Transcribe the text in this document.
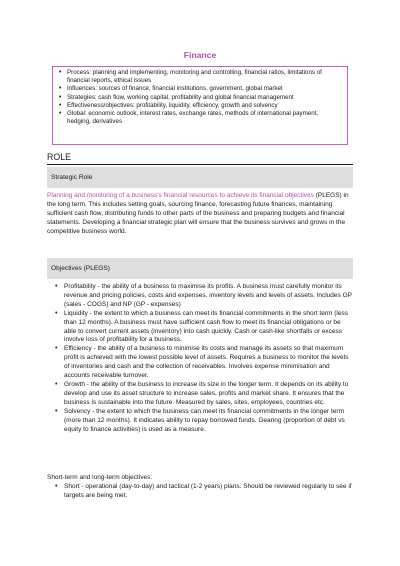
Finance
• Process: planning and implementing, monitoring and controlling, financial ratios, limitations of financial reports, ethical issues
• Influences: sources of finance, financial institutions, government, global market
• Strategies: cash flow, working capital, profitability and global financial management
• Effectiveness/objectives: profitability, liquidity, efficiency, growth and solvency
• Global: economic outlook, interest rates, exchange rates, methods of international payment, hedging, derivatives
ROLE
Strategic Role

Planning and monitoring of a business’s financial resources to achieve its financial objectives (PLEGS) in the long term. This includes setting goals, sourcing finance, forecasting future finances, maintaining sufficient cash flow, distributing funds to other parts of the business and preparing budgets and financial statements. Developing a financial strategic plan will ensure that the business survives and grows in the competitive business world.

Objectives (PLEGS)
• Profitability - the ability of a business to maximise its profits. A business must carefully monitor its revenue and pricing policies, costs and expenses, inventory levels and levels of assets. Includes GP (sales - COGS) and NP (GP - expenses)
• Liquidity - the extent to which a business can meet its financial commitments in the short term (less than 12 months). A business must have sufficient cash flow to meet its financial obligations or be able to convert current assets (inventory) into cash quickly. Cash or cash-like shortfalls or excess involve loss of profitability for a business.
• Efficiency - the ability of a business to minimise its costs and manage its assets so that maximum profit is achieved with the lowest possible level of assets. Requires a business to monitor the levels of inventories and cash and the collection of receivables. Involves expense minimisation and accounts receivable turnover.
• Growth - the ability of the business to increase its size in the longer term. It depends on its ability to develop and use its asset structure to increase sales, profits and market share. It ensures that the business is sustainable into the future. Measured by sales, sites, employees, countries etc.
• Solvency - the extent to which the business can meet its financial commitments in the longer term (more than 12 months). It indicates ability to repay borrowed funds. Gearing (proportion of debt vs equity to finance activities) is used as a measure.

Short-term and long-term objectives:

• Short - operational (day-to-day) and tactical (1-2 years) plans. Should be reviewed regularly to see if targets are being met.
